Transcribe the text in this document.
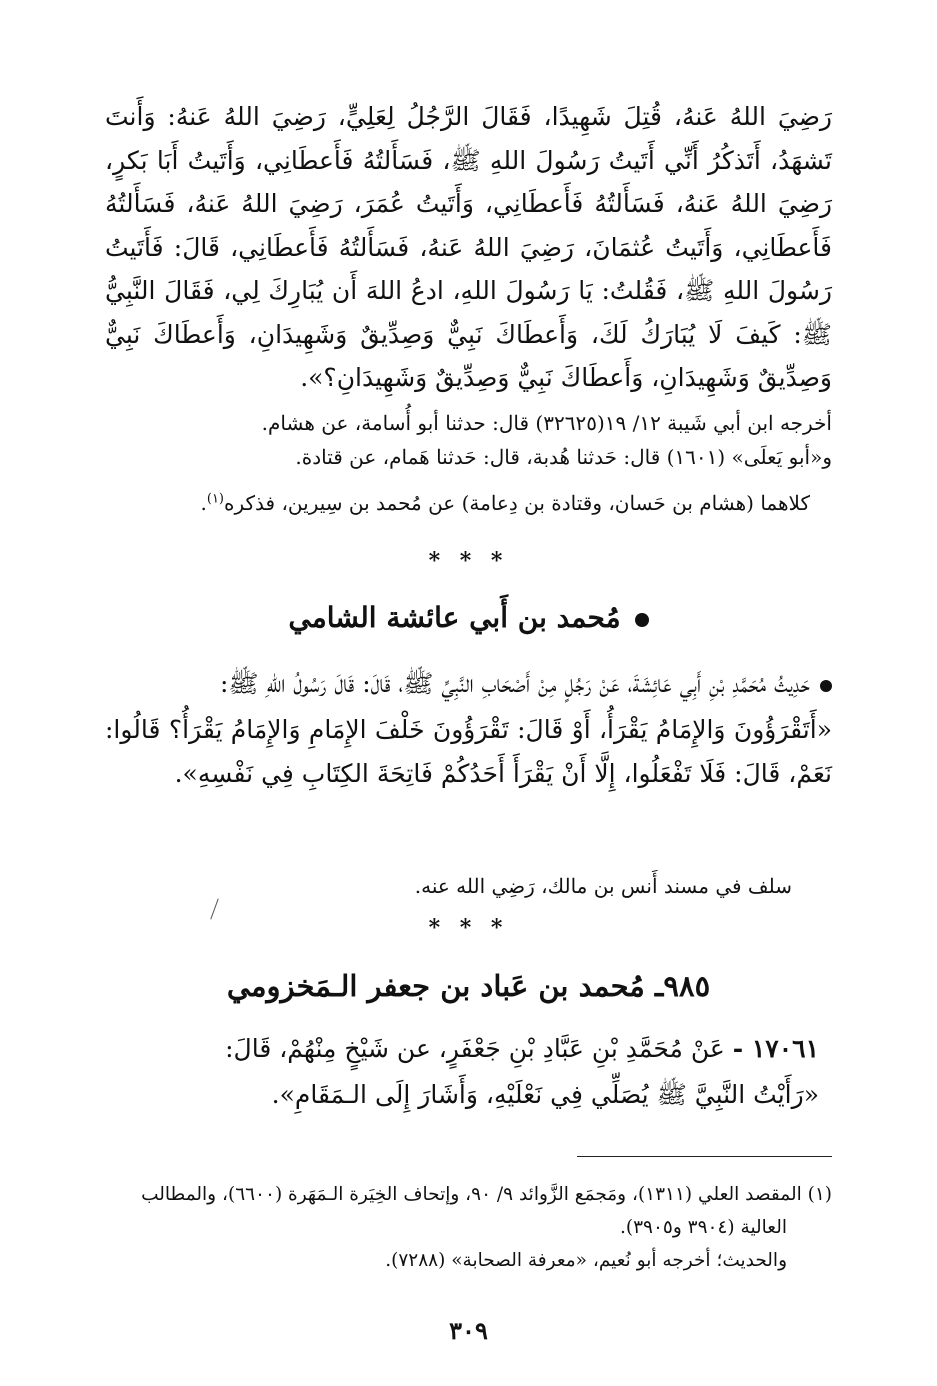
رَضِيَ اللهُ عَنهُ، قُتِلَ شَهِيدًا، فَقَالَ الرَّجُلُ لِعَلِيٍّ، رَضِيَ اللهُ عَنهُ: وَأَنتَ تَشهَدُ، أَتَذكُرُ أَنِّي أَتَيتُ رَسُولَ اللهِ ﷺ، فَسَأَلتُهُ فَأَعطَانِي، وَأَتَيتُ أَبَا بَكرٍ، رَضِيَ اللهُ عَنهُ، فَسَأَلتُهُ فَأَعطَانِي، وَأَتَيتُ عُمَرَ، رَضِيَ اللهُ عَنهُ، فَسَأَلتُهُ فَأَعطَانِي، وَأَتَيتُ عُثمَانَ، رَضِيَ اللهُ عَنهُ، فَسَأَلتُهُ فَأَعطَانِي، قَالَ: فَأَتَيتُ رَسُولَ اللهِ ﷺ، فَقُلتُ: يَا رَسُولَ اللهِ، ادعُ اللهَ أَن يُبَارِكَ لِي، فَقَالَ النَّبِيُّ ﷺ: كَيفَ لَا يُبَارَكُ لَكَ، وَأَعطَاكَ نَبِيٌّ وَصِدِّيقٌ وَشَهِيدَانِ، وَأَعطَاكَ نَبِيٌّ وَصِدِّيقٌ وَشَهِيدَانِ، وَأَعطَاكَ نَبِيٌّ وَصِدِّيقٌ وَشَهِيدَانِ؟».

أخرجه ابن أبي شَيبة ١٢/ ١٩(٣٢٦٢٥) قال: حدثنا أبو أُسامة، عن هشام.
و«أبو يَعلَى» (١٦٠١) قال: حَدثنا هُدبة، قال: حَدثنا هَمام، عن قتادة.
كلاهما (هشام بن حَسان، وقتادة بن دِعامة) عن مُحمد بن سِيرين، فذكره$^{(١)}$.
* * *
مُحمد بن أَبي عائشة الشامي
حَدِيثُ مُحَمَّدِ بْنِ أَبِي عَائِشَةَ، عَنْ رَجُلٍ مِنْ أَصْحَابِ النَّبِيِّ ﷺ، قَالَ: قَالَ رَسُولُ اللهِ ﷺ:
«أَتَقْرَؤُونَ وَالإِمَامُ يَقْرَأُ، أَوْ قَالَ: تَقْرَؤُونَ خَلْفَ الإِمَامِ وَالإِمَامُ يَقْرَأُ؟ قَالُوا: نَعَمْ، قَالَ: فَلَا تَفْعَلُوا، إِلَّا أَنْ يَقْرَأَ أَحَدُكُمْ فَاتِحَةَ الكِتَابِ فِي نَفْسِهِ».
سلف في مسند أَنس بن مالك، رَضِي الله عنه.
* * *
٩٨٥ـ مُحمد بن عَباد بن جعفر الـمَخزومي
١٧٠٦١ - عَنْ مُحَمَّدِ بْنِ عَبَّادِ بْنِ جَعْفَرٍ، عن شَيْخٍ مِنْهُمْ، قَالَ:
«رَأَيْتُ النَّبِيَّ ﷺ يُصَلِّي فِي نَعْلَيْهِ، وَأَشَارَ إِلَى الـمَقَامِ».
(١) المقصد العلي (١٣١١)، ومَجمَع الزَّوائد ٩/ ٩٠، وإتحاف الخِيَرة الـمَهَرة (٦٦٠٠)، والمطالب
العالية (٣٩٠٤ و٣٩٠٥).
والحديث؛ أخرجه أبو نُعيم، «معرفة الصحابة» (٧٢٨٨).
٣٠٩
